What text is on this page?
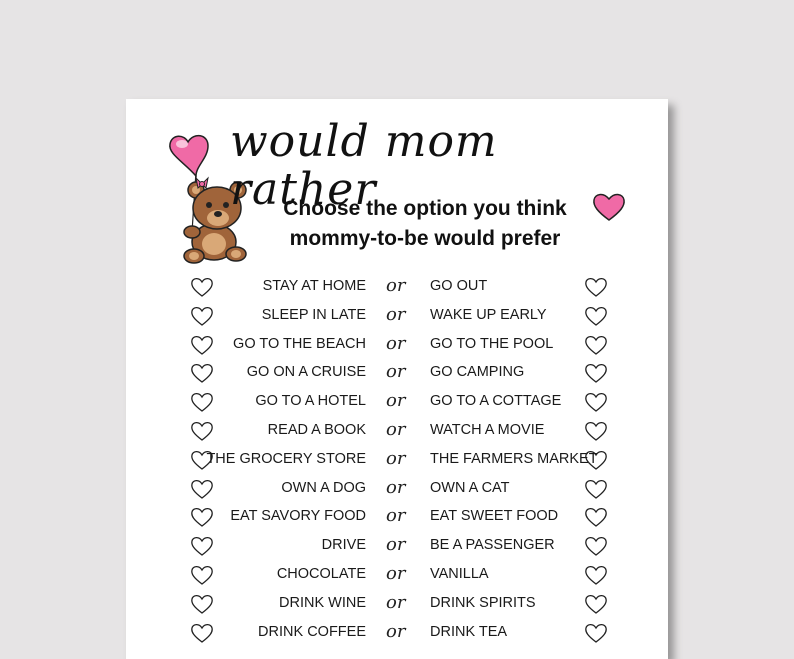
would mom rather

Choose the option you think

mommy-to-be would prefer

STAY AT HOME or GO OUT
SLEEP IN LATE or WAKE UP EARLY
GO TO THE BEACH or GO TO THE POOL
GO ON A CRUISE or GO CAMPING
GO TO A HOTEL or GO TO A COTTAGE
READ A BOOK or WATCH A MOVIE
THE GROCERY STORE or THE FARMERS MARKET
OWN A DOG or OWN A CAT
EAT SAVORY FOOD or EAT SWEET FOOD
DRIVE or BE A PASSENGER
CHOCOLATE or VANILLA
DRINK WINE or DRINK SPIRITS
DRINK COFFEE or DRINK TEA
